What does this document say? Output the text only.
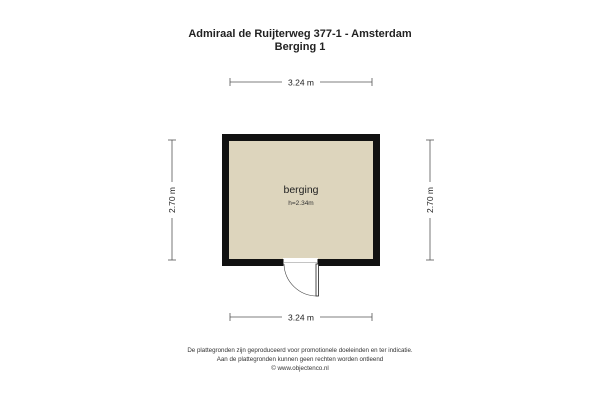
Admiraal de Ruijterweg 377-1 - Amsterdam
Berging 1
3.24 m
3.24 m
2.70 m	2.70 m
berging
h=2.34m
De plattegronden zijn geproduceerd voor promotionele doeleinden en ter indicatie.
Aan de plattegronden kunnen geen rechten worden ontleend
© www.objectenco.nl
